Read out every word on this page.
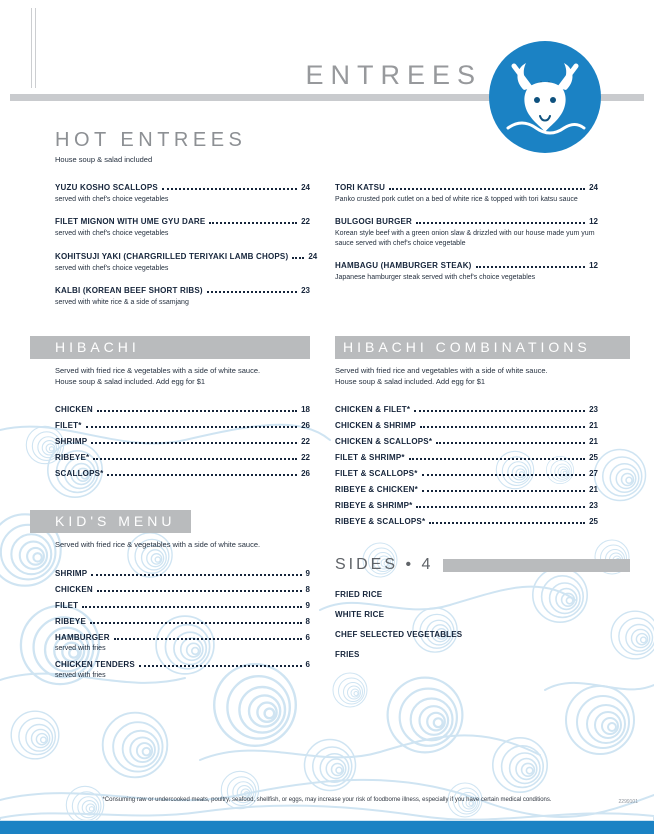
ENTREES
HOT ENTREES
House soup & salad included
YUZU KOSHO SCALLOPS	24
served with chef's choice vegetables
FILET MIGNON WITH UME GYU DARE	22
served with chef's choice vegetables
KOHITSUJI YAKI (CHARGRILLED TERIYAKI LAMB CHOPS)	24
served with chef's choice vegetables
KALBI (KOREAN BEEF SHORT RIBS)	23
served with white rice & a side of ssamjang
TORI KATSU	24
Panko crusted pork cutlet on a bed of white rice & topped with tori katsu sauce
BULGOGI BURGER	12
Korean style beef with a green onion slaw & drizzled with our house made yum yum sauce served with chef's choice vegetable
HAMBAGU (HAMBURGER STEAK)	12
Japanese hamburger steak served with chef's choice vegetables
HIBACHI
Served with fried rice & vegetables with a side of white sauce.
House soup & salad included. Add egg for $1
CHICKEN	18
FILET*	26
SHRIMP	22
RIBEYE*	22
SCALLOPS*	26
HIBACHI COMBINATIONS
Served with fried rice and vegetables with a side of white sauce.
House soup & salad included. Add egg for $1
CHICKEN & FILET*	23
CHICKEN & SHRIMP	21
CHICKEN & SCALLOPS*	21
FILET & SHRIMP*	25
FILET & SCALLOPS*	27
RIBEYE & CHICKEN*	21
RIBEYE & SHRIMP*	23
RIBEYE & SCALLOPS*	25
KID'S MENU
Served with fried rice & vegetables with a side of white sauce.
SHRIMP	9
CHICKEN	8
FILET	9
RIBEYE	8
HAMBURGER	6
served with fries
CHICKEN TENDERS	6
served with fries
SIDES • 4
FRIED RICE
WHITE RICE
CHEF SELECTED VEGETABLES
FRIES
*Consuming raw or undercooked meats, poultry, seafood, shellfish, or eggs, may increase your risk of foodborne illness, especially if you have certain medical conditions.	2299101
